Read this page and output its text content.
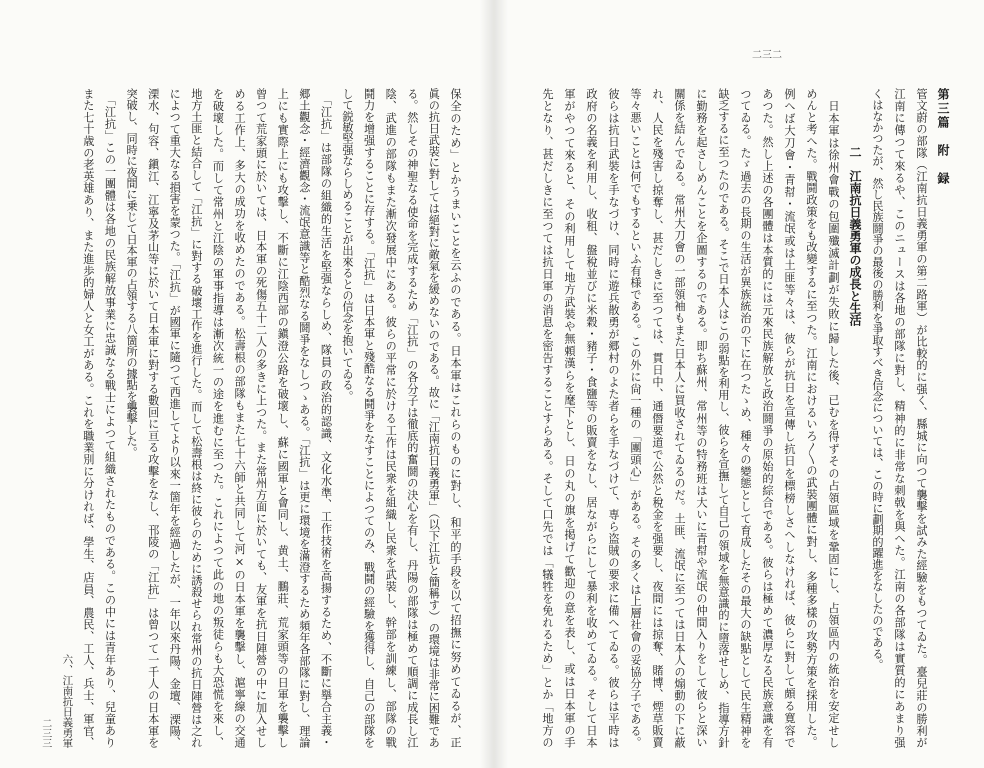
二三二
第三篇　附　録
管文蔚の部隊（江南抗日義勇軍の第二路軍）が比較的に强く、縣城に向つて襲擊を試みた經驗をもつてゐた。臺兒莊の勝利が
江南に傳つて來るや、このニュースは各地の部隊に對し、精神的に非常な刺戟を與へた。江南の各部隊は實質的にあまり强
くはなかつたが、然し民族鬪爭の最後の勝利を爭取すべき信念については、この時に劃期的躍進をなしたのである。
二　江南抗日義勇軍の成長と生活
　日本軍は徐州會戰の包圍殲滅計劃が失敗に歸した後、已むを得ずその占領區域を鞏固にし、占領區内の統治を安定せし
めんと考へた。戰鬪政策をも改變するに至つた。江南におけるいろ〳〵の武裝團體に對し、多種多樣の攻勢方策を採用した。
例へば大刀會・青幇・流氓或は土匪等々は、彼らが抗日を宣傳し抗日を標榜しさへしなければ、彼らに對して頗る寛容で
あつた。然し上述の各團體は本質的には元來民族解放と政治鬪爭の原始的綜合である。彼らは極めて濃厚なる民族意識を有
つてゐる。たゞ過去の長期の生活が異族統治の下に在つたゝめ、種々の變態として育成したその最大の缺點として民生精神を
缺乏するに至つたのである。そこで日本人はこの弱點を利用し、彼らを宣撫して自己の領域を無意識的に墮落せしめ、指導方針
に勤務を起さしめんことを企圖するのである。即ち蘇州、常州等の特務班は大いに青幇や流氓の仲間入りをして彼らと深い
關係を結んでゐる。常州大刀會の一部領袖もまた日本人に買收されてゐるのだ。土匪、流氓に至つては日本人の煽動の下に蔽
れ、人民を殘害し掠奪し、甚だしきに至つては、貫日中、通僭要道で公然と稅金を强要し、夜間には掠奪、賭博、煙草販賣
等々悪いことは何でもするといふ有様である。この外に尙一種の「團頭心」がある。その多くは上層社會の妥協分子である。
彼らは抗日武裝を手なづけ、同時に遊兵散勇が郷村のよた者らを手なづけて、専ら盗賊の要求に備へてゐる。彼らは平時は
政府の名義を利用し、收租、盤稅並びに米穀・豬子・食鹽等の販賣をなし、居ながらにして暴利を收めてゐる。そして日本
軍がやつて來ると、その利用して地方武裝や無頼漢らを麾下とし、日の丸の旗を掲げて歡迎の意を表し、或は日本軍の手
先となり、甚だしきに至つては抗日軍の消息を密告することすらある。そして口先では「犠牲を免れるため」とか「地方の
保全のため」とかうまいことを云ふのである。日本軍はこれらのものに對し、和平的手段を以て招撫に努めてゐるが、正
眞の抗日武裝に對しては絕對に敵氣を緩めないのである。故に「江南抗日義勇軍」（以下江抗と簡稱す）の環境は非常に困難であ
る。然しその神聖なる使命を完成するため「江抗」の各分子は徹底的奮鬪の決心を有し、丹陽の部隊は極めて順調に成長し江
陰、武進の部隊もまた漸次發展中にある。彼らの平常に於ける工作は民衆を組織し民衆を武裝し、幹部を訓練し、部隊の戰
鬪力を增强することに存する。「江抗」は日本軍と殘酷なる鬪爭をなすことによつてのみ、戰鬪の經驗を獲得し、自己の部隊を
して鋭敏堅强ならしめることが出來るとの信念を抱いてゐる。
　「江抗」は部隊の組織的生活を堅强ならしめ、隊員の政治的認識、文化水準、工作技術を高揚するため、不斷に擧合主義・
郷土觀念・經濟觀念・流氓意識等と酷烈なる鬪爭をなしつゝある。「江抗」は更に環境を滿澄するため頻年各部隊に對し、理論
上にも實際上にも攻擊し、不斷に江陰西部の鎭澄公路を破壞し、蘇に國軍と會同し、黄土、鵬莊、荒家頭等の日軍を襲擊し
曾つて荒家頭に於いては、日本軍の死傷五十二人の多きに上つた。また常州方面に於いても、友軍を抗日陣營の中に加入せし
める工作上、多大の成功を收めたのである。松壽根の部隊もまた七十六師と共同して河×の日本軍を襲擊し、滬寧線の交通
を破壞した。而して常州と江陰の軍事指導は漸次統一の途を進むに至つた。これによつて此の地の叛徒らも大恐慌を來し、
地方土匪と結合して「江抗」に對する破壞工作を進行した。而して松壽根は終に彼らのために誘殺せられ常州の抗日陣營は之れ
によつて重大なる損害を蒙つた。「江抗」が國軍に隨つて西進してより以來一箇年を經過したが、一年以來丹陽、金壇、溧陽、
溧水、句容、鎭江、江寧及茅山等に於いて日本軍に對する數回に亘る攻擊をなし、邗陵の「江抗」は曾つて一千人の日本軍を
突破し、同時に夜間に乗じて日本軍の占領する八箇所の據點を襲擊した。
　「江抗」この一團體は各地の民族解放事業に忠誠なる戰士によつて組織されたものである。この中には青年あり、兒童あり
また七十歳の老英雄あり、また進歩的婦人と女工がある。これを職業別に分ければ、學生、店員、農民、工人、兵士、軍官、
六、江南抗日義勇軍
二三三
